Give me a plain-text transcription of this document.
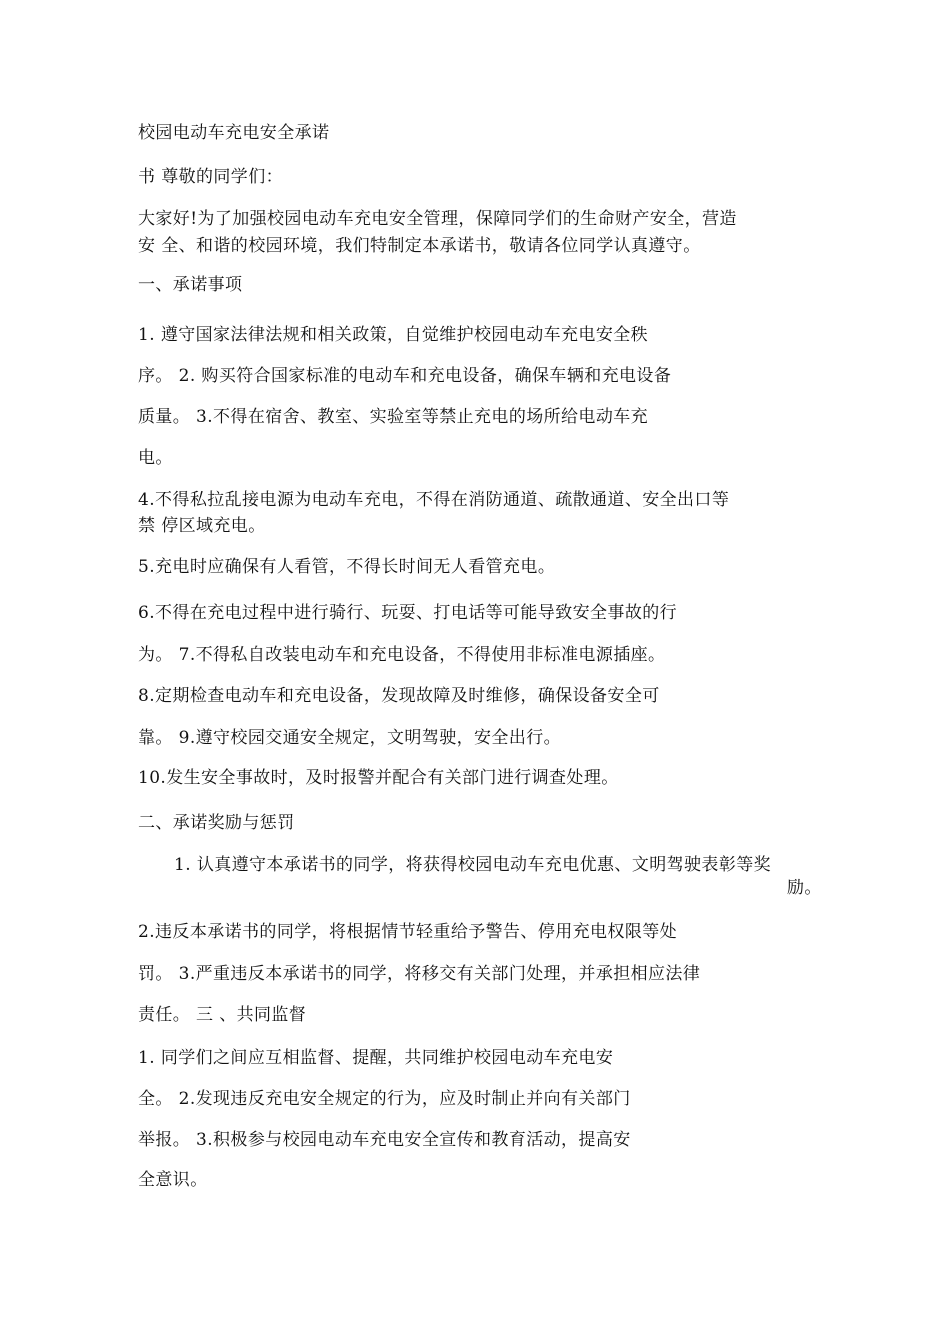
校园电动车充电安全承诺
书 尊敬的同学们：
大家好!为了加强校园电动车充电安全管理，保障同学们的生命财产安全，营造
安 全、和谐的校园环境，我们特制定本承诺书，敬请各位同学认真遵守。
一、承诺事项
1. 遵守国家法律法规和相关政策，自觉维护校园电动车充电安全秩
序。 2. 购买符合国家标准的电动车和充电设备，确保车辆和充电设备
质量。 3.不得在宿舍、教室、实验室等禁止充电的场所给电动车充
电。
4.不得私拉乱接电源为电动车充电，不得在消防通道、疏散通道、安全出口等
禁 停区域充电。
5.充电时应确保有人看管，不得长时间无人看管充电。
6.不得在充电过程中进行骑行、玩耍、打电话等可能导致安全事故的行
为。 7.不得私自改装电动车和充电设备，不得使用非标准电源插座。
8.定期检查电动车和充电设备，发现故障及时维修，确保设备安全可
靠。 9.遵守校园交通安全规定，文明驾驶，安全出行。
10.发生安全事故时，及时报警并配合有关部门进行调查处理。
二、承诺奖励与惩罚
1. 认真遵守本承诺书的同学，将获得校园电动车充电优惠、文明驾驶表彰等奖
励。
2.违反本承诺书的同学，将根据情节轻重给予警告、停用充电权限等处
罚。 3.严重违反本承诺书的同学，将移交有关部门处理，并承担相应法律
责任。 三 、共同监督
1. 同学们之间应互相监督、提醒，共同维护校园电动车充电安
全。 2.发现违反充电安全规定的行为，应及时制止并向有关部门
举报。 3.积极参与校园电动车充电安全宣传和教育活动，提高安
全意识。
